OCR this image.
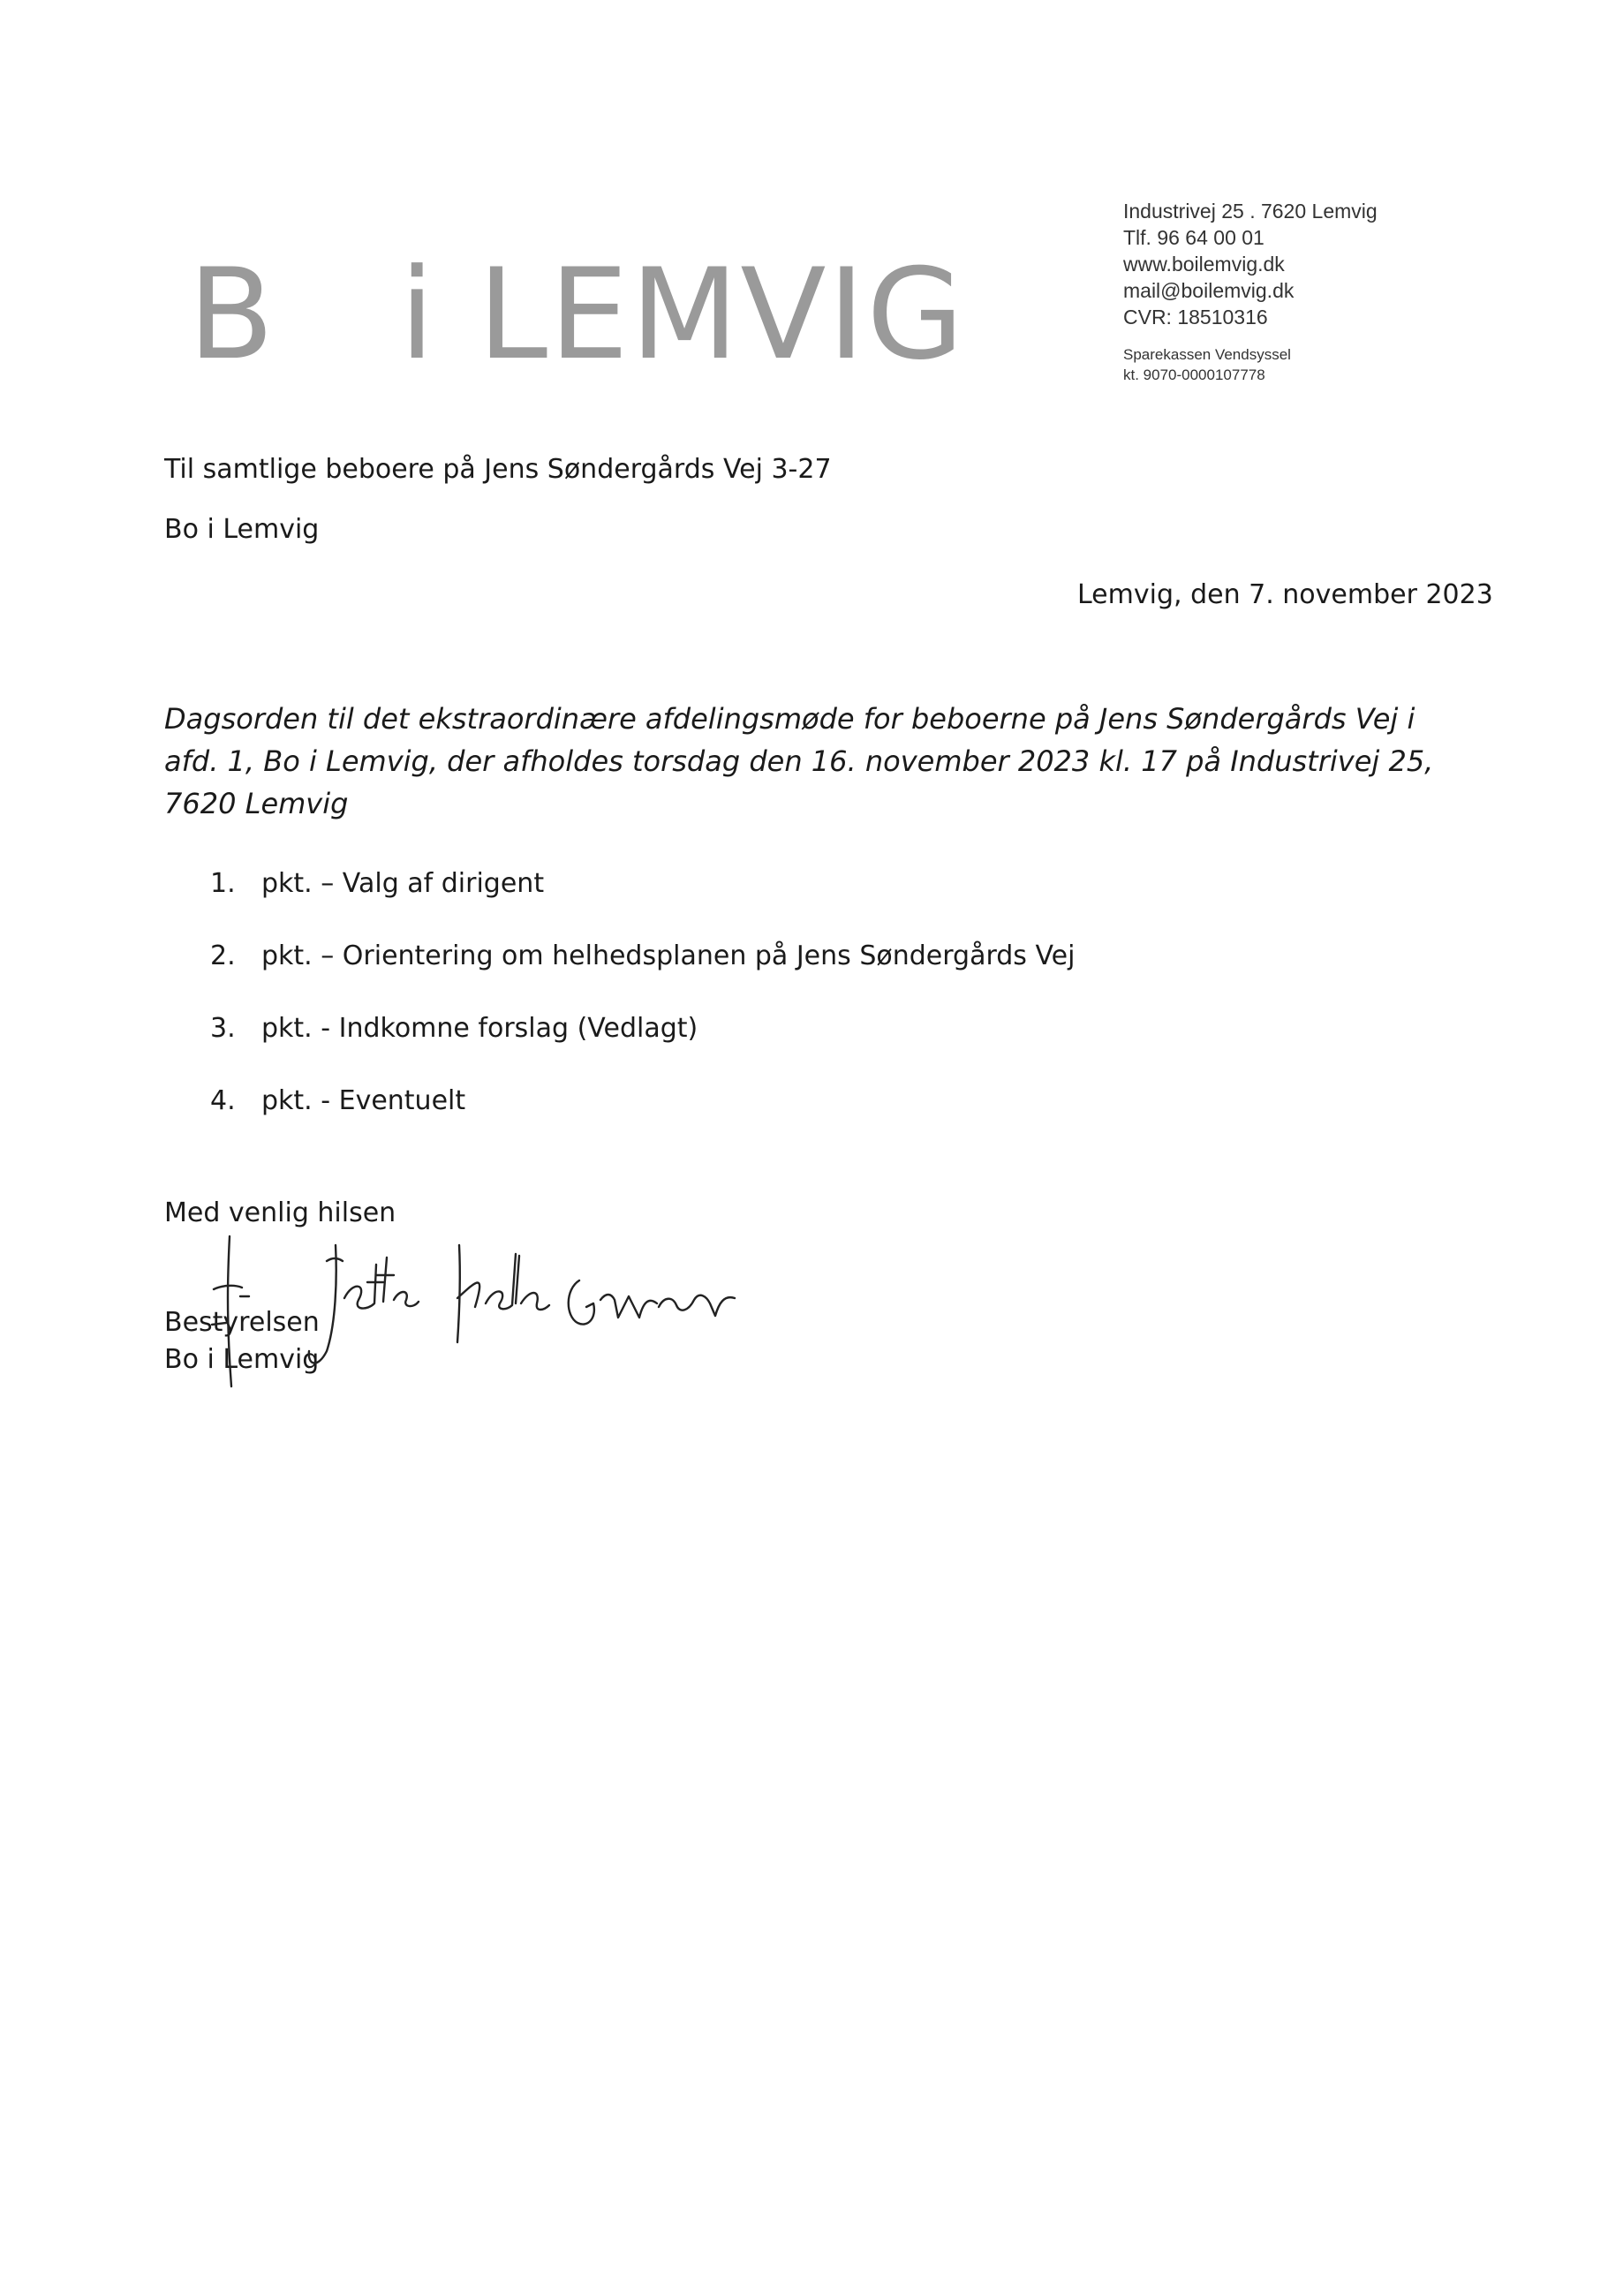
B i LEMVIG
Industrivej 25 . 7620 Lemvig
Tlf. 96 64 00 01
www.boilemvig.dk
mail@boilemvig.dk
CVR: 18510316
Sparekassen Vendsyssel
kt. 9070-0000107778
Til samtlige beboere på Jens Søndergårds Vej 3-27
Bo i Lemvig
Lemvig, den 7. november 2023
Dagsorden til det ekstraordinære afdelingsmøde for beboerne på Jens Søndergårds Vej i afd. 1, Bo i Lemvig, der afholdes torsdag den 16. november 2023 kl. 17 på Industrivej 25, 7620 Lemvig
1. pkt. – Valg af dirigent
2. pkt. – Orientering om helhedsplanen på Jens Søndergårds Vej
3. pkt. - Indkomne forslag (Vedlagt)
4. pkt. - Eventuelt
Med venlig hilsen
Bestyrelsen
Bo i Lemvig
